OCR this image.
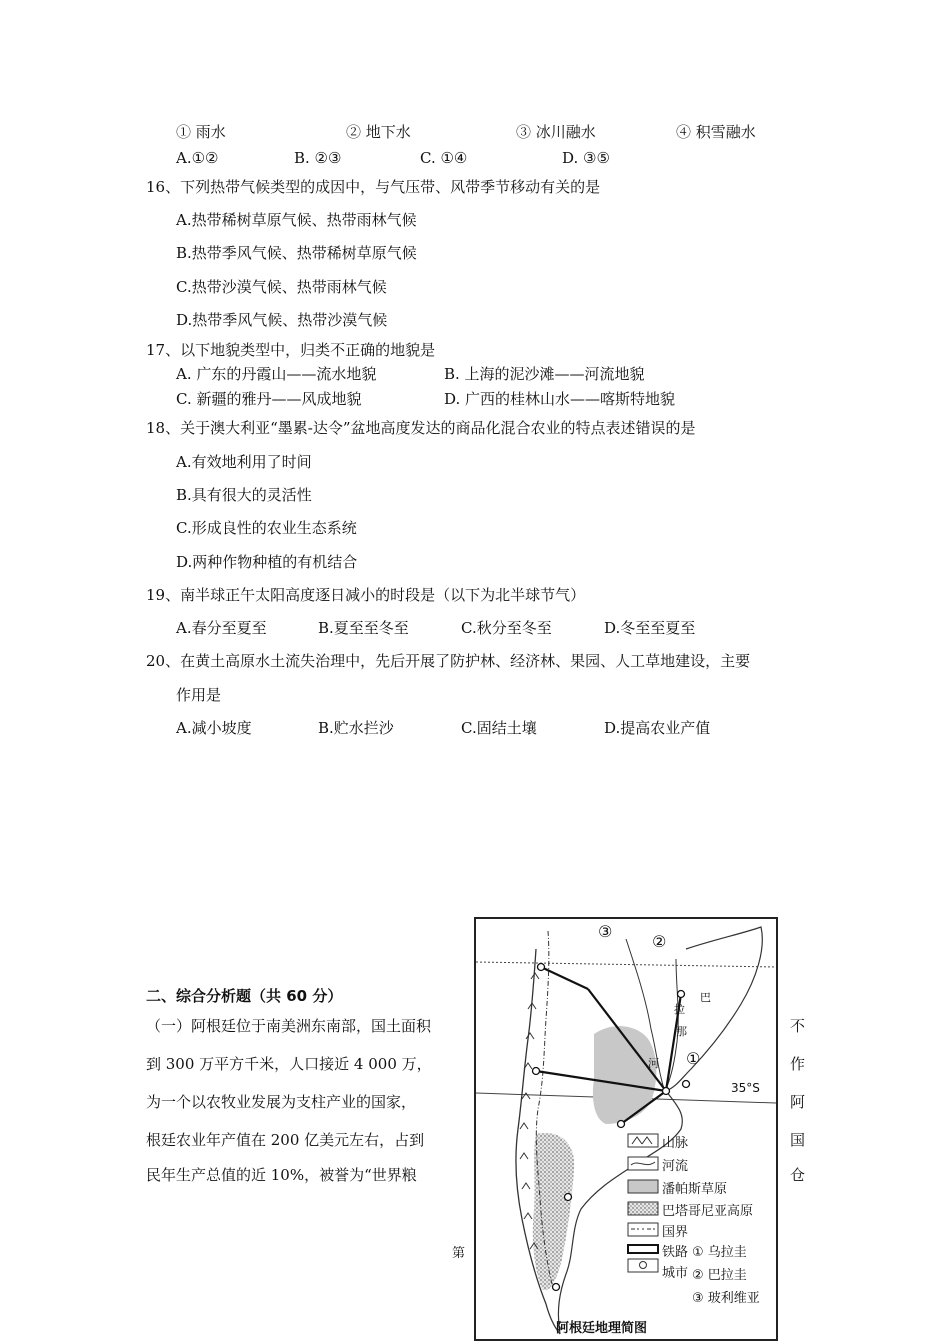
① 雨水	② 地下水	③ 冰川融水	④ 积雪融水
A.①②	B. ②③	C. ①④	D. ③⑤
16、下列热带气候类型的成因中，与气压带、风带季节移动有关的是
A.热带稀树草原气候、热带雨林气候
B.热带季风气候、热带稀树草原气候
C.热带沙漠气候、热带雨林气候
D.热带季风气候、热带沙漠气候
17、以下地貌类型中，归类不正确的地貌是
A. 广东的丹霞山——流水地貌	B. 上海的泥沙滩——河流地貌
C. 新疆的雅丹——风成地貌	D. 广西的桂林山水——喀斯特地貌
18、关于澳大利亚“墨累-达令”盆地高度发达的商品化混合农业的特点表述错误的是
A.有效地利用了时间
B.具有很大的灵活性
C.形成良性的农业生态系统
D.两种作物种植的有机结合
19、南半球正午太阳高度逐日减小的时段是（以下为北半球节气）
A.春分至夏至	B.夏至至冬至	C.秋分至冬至	D.冬至至夏至
20、在黄土高原水土流失治理中，先后开展了防护林、经济林、果园、人工草地建设，主要
作用是
A.减小坡度	B.贮水拦沙	C.固结土壤	D.提高农业产值
二、综合分析题（共 60 分）
（一）阿根廷位于南美洲东南部，国土面积
到 300 万平方千米，人口接近 4 000 万，
为一个以农牧业发展为支柱产业的国家，
根廷农业年产值在 200 亿美元左右，占到
民年生产总值的近 10%，被誉为“世界粮
不
作
阿
国
仓
第
③
②
①
巴
拉
那
河
35°S
山脉
河流
潘帕斯草原
巴塔哥尼亚高原
国界
铁路
城市
① 乌拉圭
② 巴拉圭
③ 玻利维亚
阿根廷地理简图
